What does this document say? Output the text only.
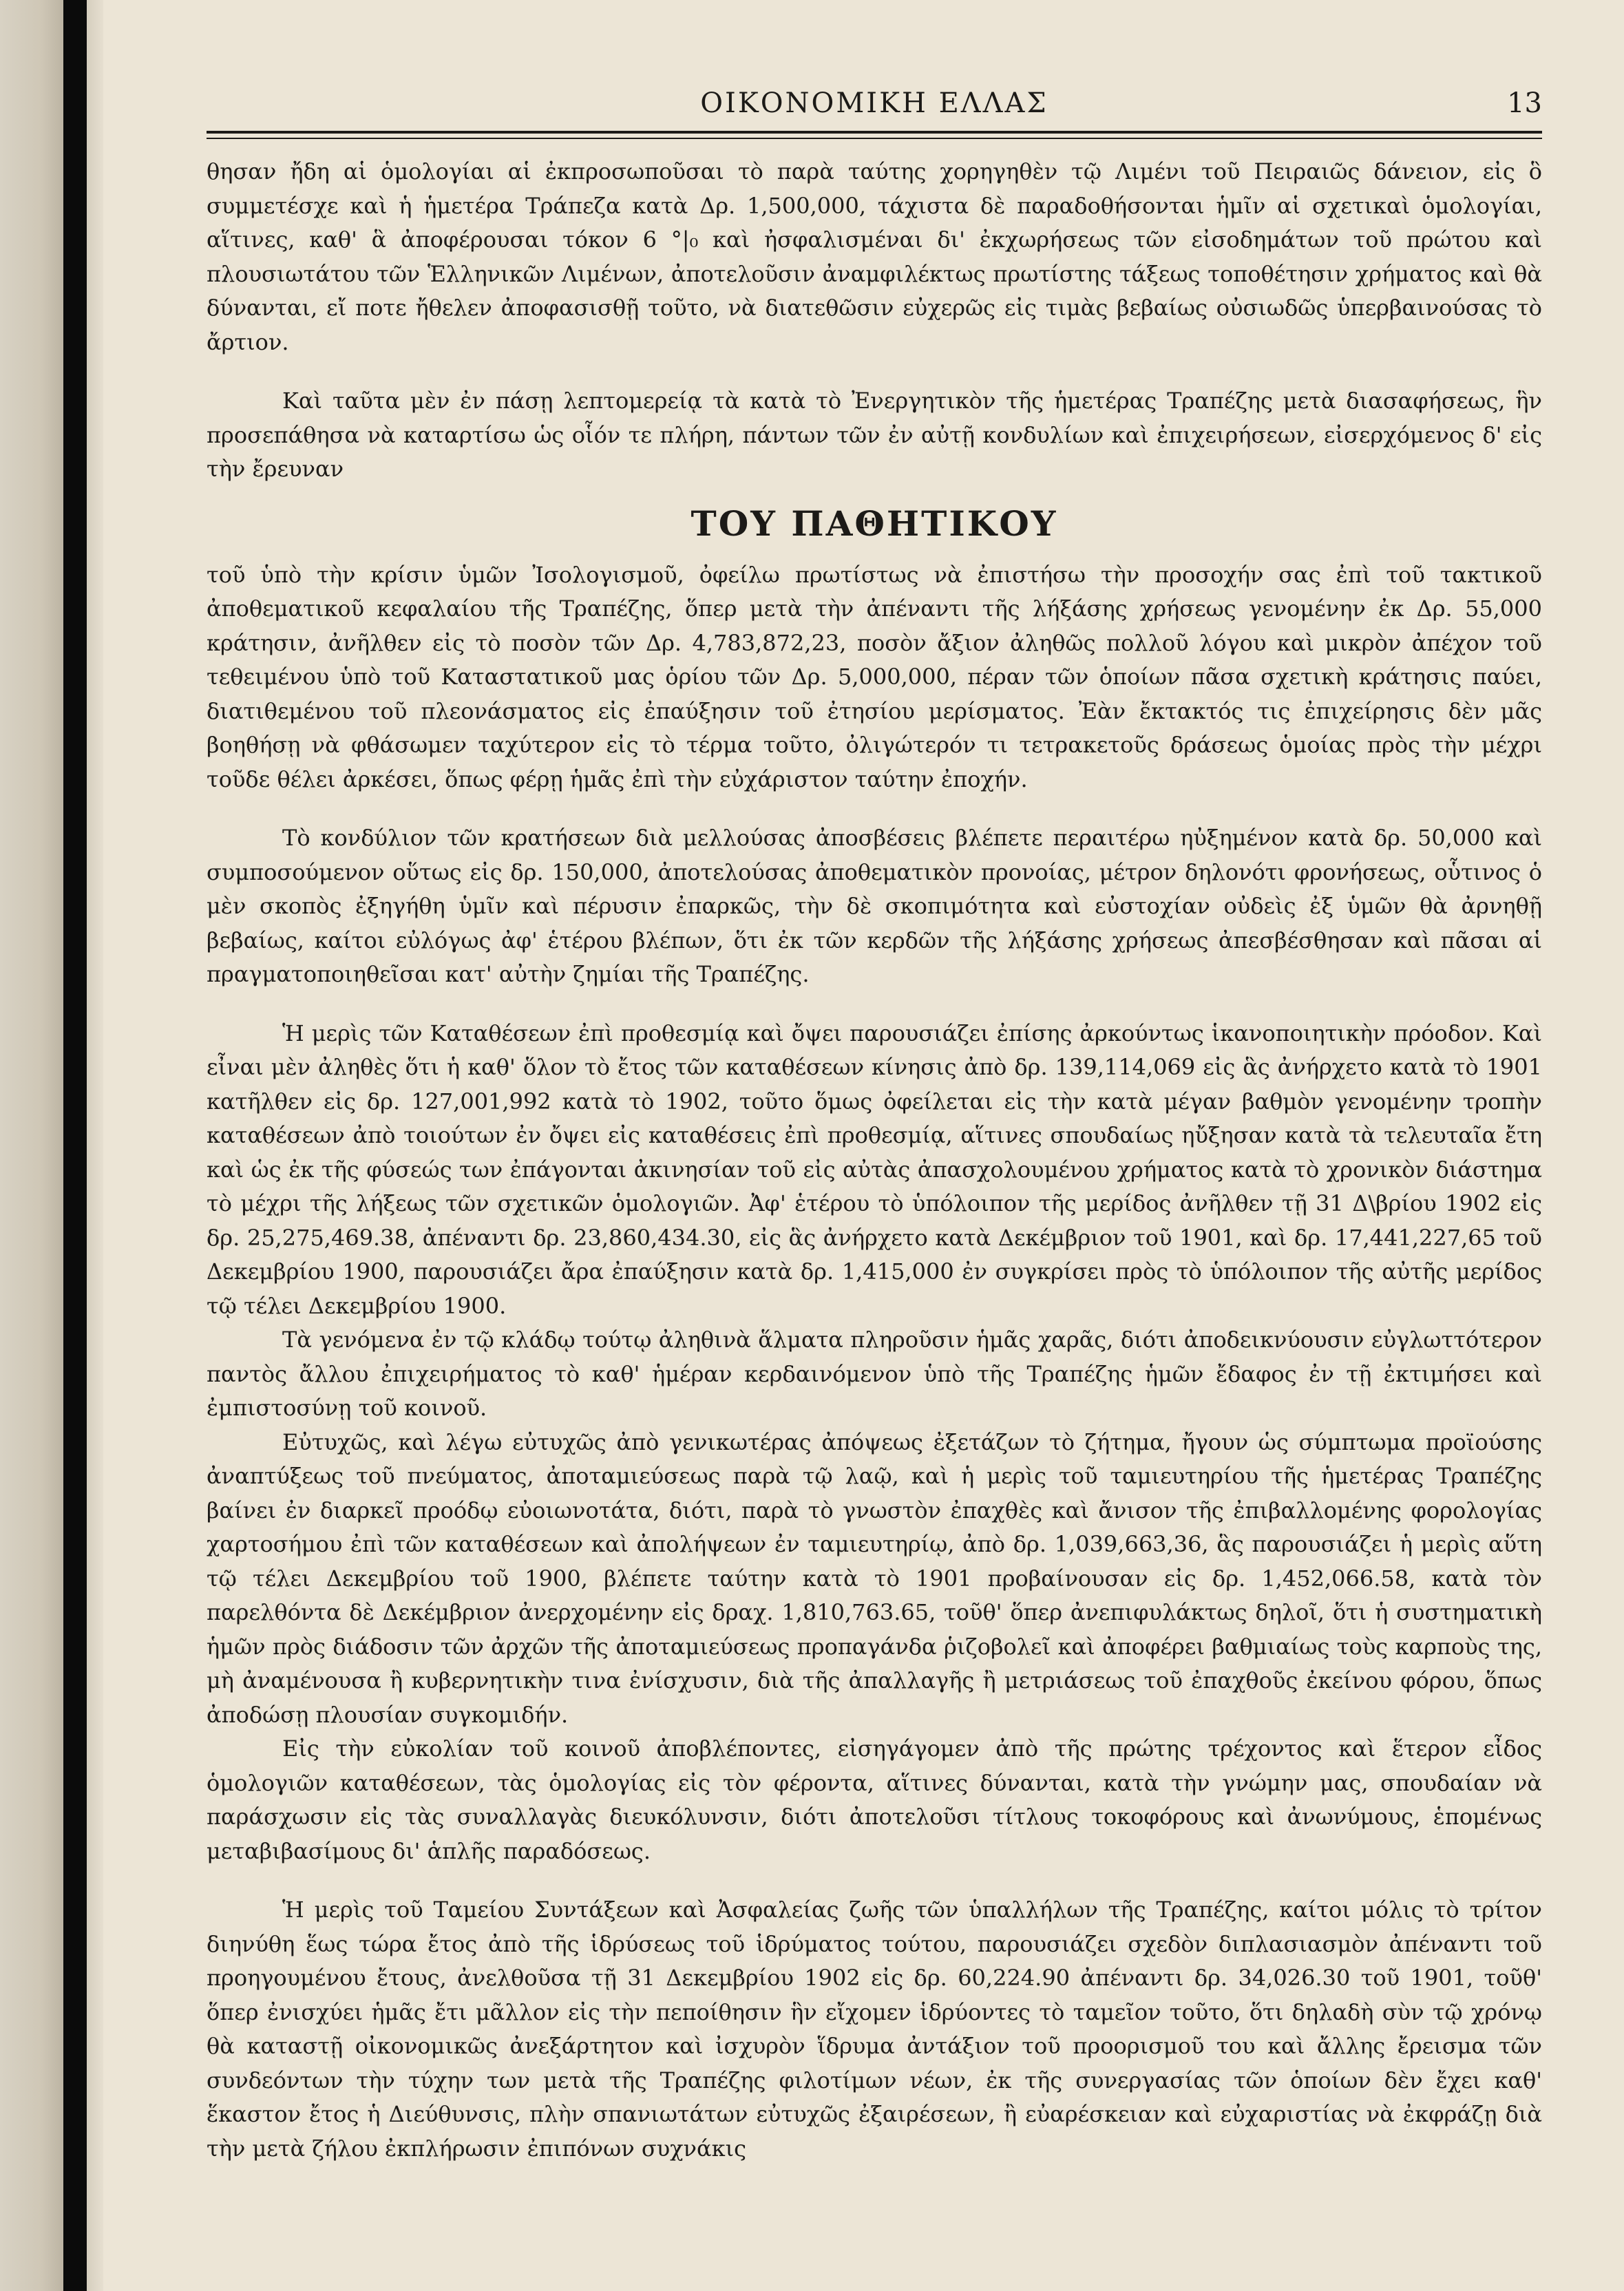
ΟΙΚΟΝΟΜΙΚΗ ΕΛΛΑΣ	13

θησαν ἤδη αἱ ὁμολογίαι αἱ ἐκπροσωποῦσαι τὸ παρὰ ταύτης χορηγηθὲν τῷ Λιμένι τοῦ Πειραιῶς δάνειον, εἰς ὃ συμμετέσχε καὶ ἡ ἡμετέρα Τράπεζα κατὰ Δρ. 1,500,000, τάχιστα δὲ παραδοθήσονται ἡμῖν αἱ σχετικαὶ ὁμολογίαι, αἵτινες, καθ' ἃ ἀποφέρουσαι τόκον 6 °|₀ καὶ ἠσφαλισμέναι δι' ἐκχωρήσεως τῶν εἰσοδημάτων τοῦ πρώτου καὶ πλουσιωτάτου τῶν Ἑλληνικῶν Λιμένων, ἀποτελοῦσιν ἀναμφιλέκτως πρωτίστης τάξεως τοποθέτησιν χρήματος καὶ θὰ δύνανται, εἴ ποτε ἤθελεν ἀποφασισθῇ τοῦτο, νὰ διατεθῶσιν εὐχερῶς εἰς τιμὰς βεβαίως οὐσιωδῶς ὑπερβαινούσας τὸ ἄρτιον.

Καὶ ταῦτα μὲν ἐν πάσῃ λεπτομερείᾳ τὰ κατὰ τὸ Ἐνεργητικὸν τῆς ἡμετέρας Τραπέζης μετὰ διασαφήσεως, ἣν προσεπάθησα νὰ καταρτίσω ὡς οἷόν τε πλήρη, πάντων τῶν ἐν αὐτῇ κονδυλίων καὶ ἐπιχειρήσεων, εἰσερχόμενος δ' εἰς τὴν ἔρευναν

ΤΟΥ ΠΑΘΗΤΙΚΟΥ

τοῦ ὑπὸ τὴν κρίσιν ὑμῶν Ἰσολογισμοῦ, ὀφείλω πρωτίστως νὰ ἐπιστήσω τὴν προσοχήν σας ἐπὶ τοῦ τακτικοῦ ἀποθεματικοῦ κεφαλαίου τῆς Τραπέζης, ὅπερ μετὰ τὴν ἀπέναντι τῆς λήξάσης χρήσεως γενομένην ἐκ Δρ. 55,000 κράτησιν, ἀνῆλθεν εἰς τὸ ποσὸν τῶν Δρ. 4,783,872,23, ποσὸν ἄξιον ἀληθῶς πολλοῦ λόγου καὶ μικρὸν ἀπέχον τοῦ τεθειμένου ὑπὸ τοῦ Καταστατικοῦ μας ὁρίου τῶν Δρ. 5,000,000, πέραν τῶν ὁποίων πᾶσα σχετικὴ κράτησις παύει, διατιθεμένου τοῦ πλεονάσματος εἰς ἐπαύξησιν τοῦ ἐτησίου μερίσματος. Ἐὰν ἔκτακτός τις ἐπιχείρησις δὲν μᾶς βοηθήσῃ νὰ φθάσωμεν ταχύτερον εἰς τὸ τέρμα τοῦτο, ὀλιγώτερόν τι τετρακετοῦς δράσεως ὁμοίας πρὸς τὴν μέχρι τοῦδε θέλει ἀρκέσει, ὅπως φέρῃ ἡμᾶς ἐπὶ τὴν εὐχάριστον ταύτην ἐποχήν.

Τὸ κονδύλιον τῶν κρατήσεων διὰ μελλούσας ἀποσβέσεις βλέπετε περαιτέρω ηὐξημένον κατὰ δρ. 50,000 καὶ συμποσούμενον οὕτως εἰς δρ. 150,000, ἀποτελούσας ἀποθεματικὸν προνοίας, μέτρον δηλονότι φρονήσεως, οὗτινος ὁ μὲν σκοπὸς ἐξηγήθη ὑμῖν καὶ πέρυσιν ἐπαρκῶς, τὴν δὲ σκοπιμότητα καὶ εὐστοχίαν οὐδεὶς ἐξ ὑμῶν θὰ ἀρνηθῇ βεβαίως, καίτοι εὐλόγως ἀφ' ἑτέρου βλέπων, ὅτι ἐκ τῶν κερδῶν τῆς λήξάσης χρήσεως ἀπεσβέσθησαν καὶ πᾶσαι αἱ πραγματοποιηθεῖσαι κατ' αὐτὴν ζημίαι τῆς Τραπέζης.

Ἡ μερὶς τῶν Καταθέσεων ἐπὶ προθεσμίᾳ καὶ ὄψει παρουσιάζει ἐπίσης ἀρκούντως ἱκανοποιητικὴν πρόοδον. Καὶ εἶναι μὲν ἀληθὲς ὅτι ἡ καθ' ὅλον τὸ ἔτος τῶν καταθέσεων κίνησις ἀπὸ δρ. 139,114,069 εἰς ἃς ἀνήρχετο κατὰ τὸ 1901 κατῆλθεν εἰς δρ. 127,001,992 κατὰ τὸ 1902, τοῦτο ὅμως ὀφείλεται εἰς τὴν κατὰ μέγαν βαθμὸν γενομένην τροπὴν καταθέσεων ἀπὸ τοιούτων ἐν ὄψει εἰς καταθέσεις ἐπὶ προθεσμίᾳ, αἵτινες σπουδαίως ηὔξησαν κατὰ τὰ τελευταῖα ἔτη καὶ ὡς ἐκ τῆς φύσεώς των ἐπάγονται ἀκινησίαν τοῦ εἰς αὐτὰς ἀπασχολουμένου χρήματος κατὰ τὸ χρονικὸν διάστημα τὸ μέχρι τῆς λήξεως τῶν σχετικῶν ὁμολογιῶν. Ἀφ' ἑτέρου τὸ ὑπόλοιπον τῆς μερίδος ἀνῆλθεν τῇ 31 Δ\βρίου 1902 εἰς δρ. 25,275,469.38, ἀπέναντι δρ. 23,860,434.30, εἰς ἃς ἀνήρχετο κατὰ Δεκέμβριον τοῦ 1901, καὶ δρ. 17,441,227,65 τοῦ Δεκεμβρίου 1900, παρουσιάζει ἄρα ἐπαύξησιν κατὰ δρ. 1,415,000 ἐν συγκρίσει πρὸς τὸ ὑπόλοιπον τῆς αὐτῆς μερίδος τῷ τέλει Δεκεμβρίου 1900.

Τὰ γενόμενα ἐν τῷ κλάδῳ τούτῳ ἀληθινὰ ἅλματα πληροῦσιν ἡμᾶς χαρᾶς, διότι ἀποδεικνύουσιν εὐγλωττότερον παντὸς ἄλλου ἐπιχειρήματος τὸ καθ' ἡμέραν κερδαινόμενον ὑπὸ τῆς Τραπέζης ἡμῶν ἔδαφος ἐν τῇ ἐκτιμήσει καὶ ἐμπιστοσύνῃ τοῦ κοινοῦ.

Εὐτυχῶς, καὶ λέγω εὐτυχῶς ἀπὸ γενικωτέρας ἀπόψεως ἐξετάζων τὸ ζήτημα, ἤγουν ὡς σύμπτωμα προϊούσης ἀναπτύξεως τοῦ πνεύματος, ἀποταμιεύσεως παρὰ τῷ λαῷ, καὶ ἡ μερὶς τοῦ ταμιευτηρίου τῆς ἡμετέρας Τραπέζης βαίνει ἐν διαρκεῖ προόδῳ εὐοιωνοτάτα, διότι, παρὰ τὸ γνωστὸν ἐπαχθὲς καὶ ἄνισον τῆς ἐπιβαλλομένης φορολογίας χαρτοσήμου ἐπὶ τῶν καταθέσεων καὶ ἀπολήψεων ἐν ταμιευτηρίῳ, ἀπὸ δρ. 1,039,663,36, ἃς παρουσιάζει ἡ μερὶς αὕτη τῷ τέλει Δεκεμβρίου τοῦ 1900, βλέπετε ταύτην κατὰ τὸ 1901 προβαίνουσαν εἰς δρ. 1,452,066.58, κατὰ τὸν παρελθόντα δὲ Δεκέμβριον ἀνερχομένην εἰς δραχ. 1,810,763.65, τοῦθ' ὅπερ ἀνεπιφυλάκτως δηλοῖ, ὅτι ἡ συστηματικὴ ἡμῶν πρὸς διάδοσιν τῶν ἀρχῶν τῆς ἀποταμιεύσεως προπαγάνδα ῥιζοβολεῖ καὶ ἀποφέρει βαθμιαίως τοὺς καρποὺς της, μὴ ἀναμένουσα ἢ κυβερνητικὴν τινα ἐνίσχυσιν, διὰ τῆς ἀπαλλαγῆς ἢ μετριάσεως τοῦ ἐπαχθοῦς ἐκείνου φόρου, ὅπως ἀποδώσῃ πλουσίαν συγκομιδήν.

Εἰς τὴν εὐκολίαν τοῦ κοινοῦ ἀποβλέποντες, εἰσηγάγομεν ἀπὸ τῆς πρώτης τρέχοντος καὶ ἕτερον εἶδος ὁμολογιῶν καταθέσεων, τὰς ὁμολογίας εἰς τὸν φέροντα, αἵτινες δύνανται, κατὰ τὴν γνώμην μας, σπουδαίαν νὰ παράσχωσιν εἰς τὰς συναλλαγὰς διευκόλυνσιν, διότι ἀποτελοῦσι τίτλους τοκοφόρους καὶ ἀνωνύμους, ἑπομένως μεταβιβασίμους δι' ἁπλῆς παραδόσεως.

Ἡ μερὶς τοῦ Ταμείου Συντάξεων καὶ Ἀσφαλείας ζωῆς τῶν ὑπαλλήλων τῆς Τραπέζης, καίτοι μόλις τὸ τρίτον διηνύθη ἕως τώρα ἔτος ἀπὸ τῆς ἱδρύσεως τοῦ ἱδρύματος τούτου, παρουσιάζει σχεδὸν διπλασιασμὸν ἀπέναντι τοῦ προηγουμένου ἔτους, ἀνελθοῦσα τῇ 31 Δεκεμβρίου 1902 εἰς δρ. 60,224.90 ἀπέναντι δρ. 34,026.30 τοῦ 1901, τοῦθ' ὅπερ ἐνισχύει ἡμᾶς ἔτι μᾶλλον εἰς τὴν πεποίθησιν ἣν εἴχομεν ἱδρύοντες τὸ ταμεῖον τοῦτο, ὅτι δηλαδὴ σὺν τῷ χρόνῳ θὰ καταστῇ οἰκονομικῶς ἀνεξάρτητον καὶ ἰσχυρὸν ἵδρυμα ἀντάξιον τοῦ προορισμοῦ του καὶ ἄλλης ἔρεισμα τῶν συνδεόντων τὴν τύχην των μετὰ τῆς Τραπέζης φιλοτίμων νέων, ἐκ τῆς συνεργασίας τῶν ὁποίων δὲν ἔχει καθ' ἕκαστον ἔτος ἡ Διεύθυνσις, πλὴν σπανιωτάτων εὐτυχῶς ἐξαιρέσεων, ἢ εὐαρέσκειαν καὶ εὐχαριστίας νὰ ἐκφράζῃ διὰ τὴν μετὰ ζήλου ἐκπλήρωσιν ἐπιπόνων συχνάκις
